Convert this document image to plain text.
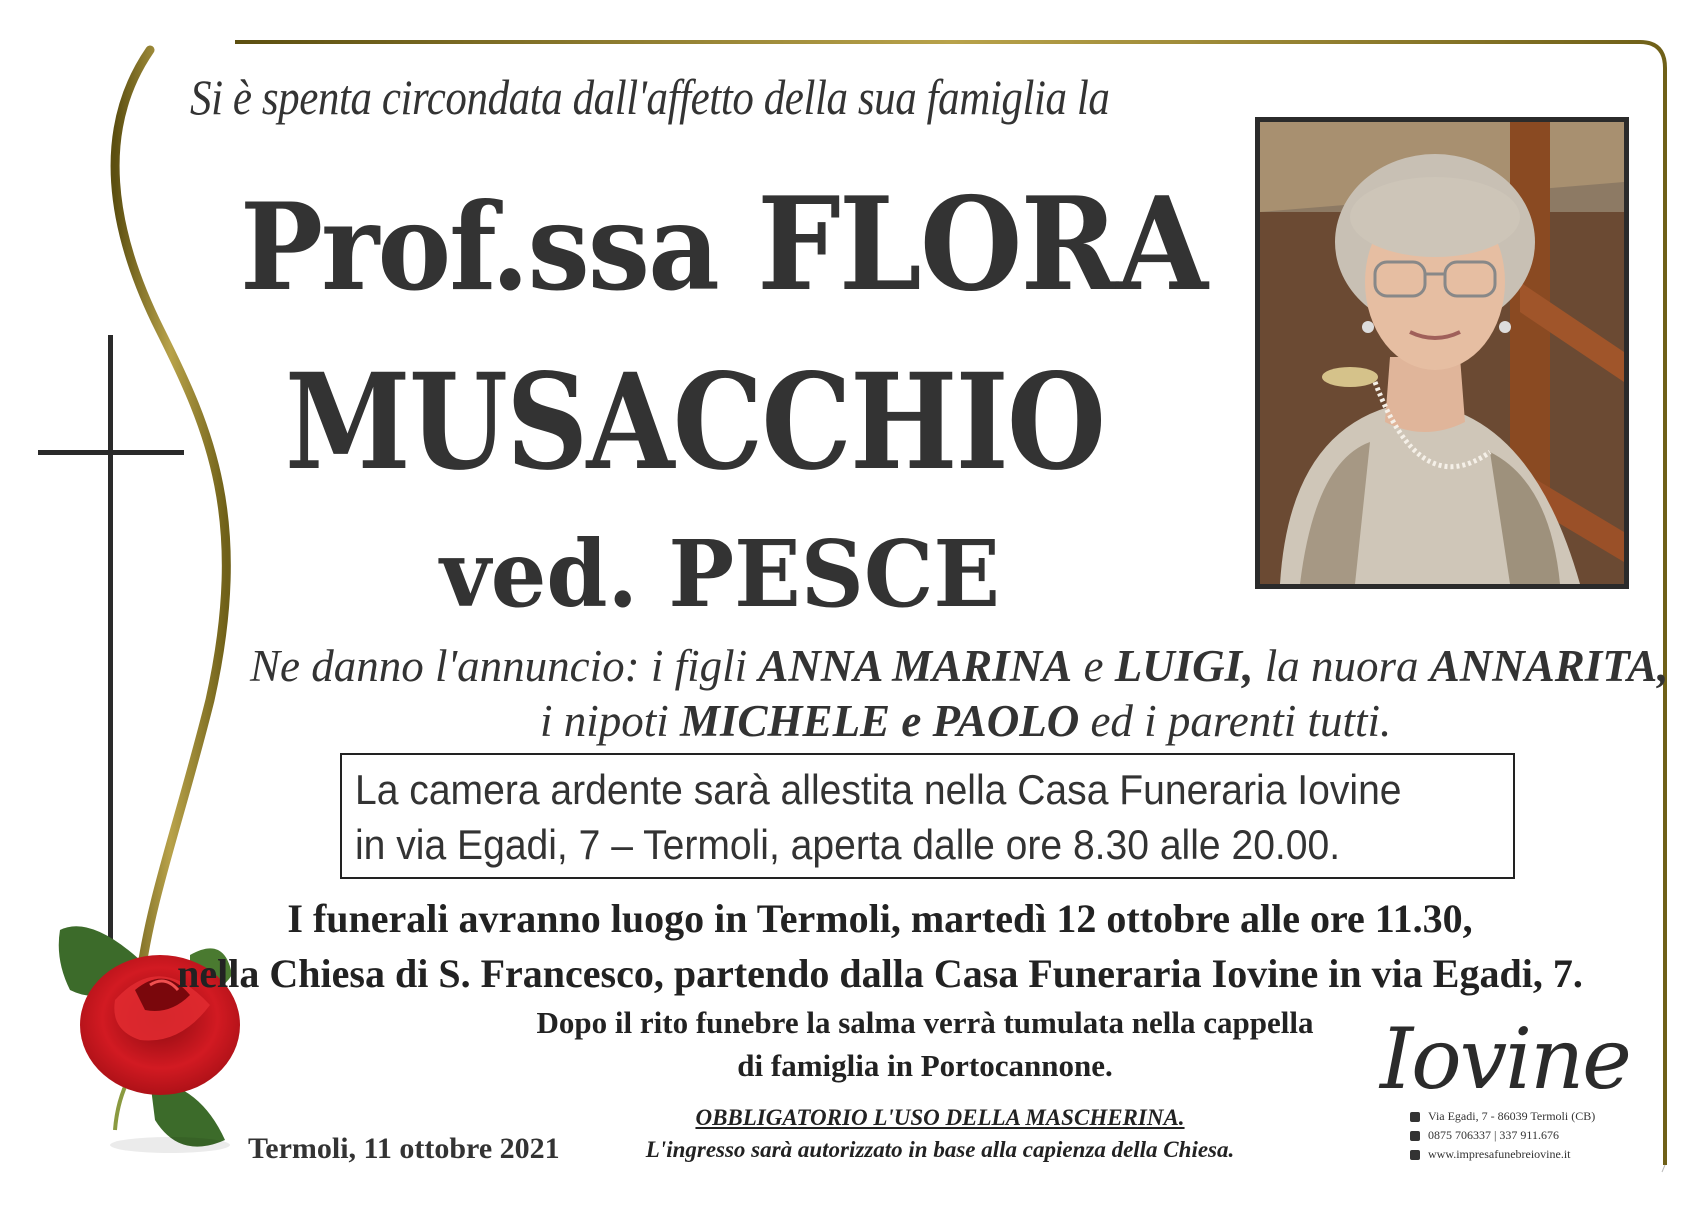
Si è spenta circondata dall'affetto della sua famiglia la
Prof.ssa FLORA
MUSACCHIO
ved. PESCE
Ne danno l'annuncio: i figli ANNA MARINA e LUIGI, la nuora ANNARITA,
i nipoti MICHELE e PAOLO ed i parenti tutti.
La camera ardente sarà allestita nella Casa Funeraria Iovine
in via Egadi, 7 – Termoli, aperta dalle ore 8.30 alle 20.00.
I funerali avranno luogo in Termoli, martedì 12 ottobre alle ore 11.30,
nella Chiesa di S. Francesco, partendo dalla Casa Funeraria Iovine in via Egadi, 7.
Dopo il rito funebre la salma verrà tumulata nella cappella
di famiglia in Portocannone.
Termoli, 11 ottobre 2021
OBBLIGATORIO L'USO DELLA MASCHERINA.
L'ingresso sarà autorizzato in base alla capienza della Chiesa.
Iovine
Via Egadi, 7 - 86039 Termoli (CB)
0875 706337 | 337 911.676
www.impresafunebreiovine.it
